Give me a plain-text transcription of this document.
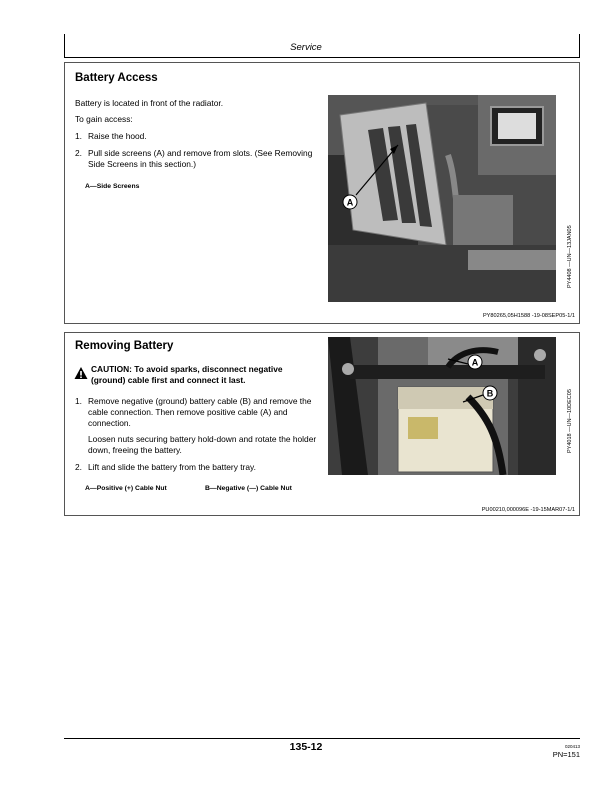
Service
Battery Access
Battery is located in front of the radiator.
To gain access:
1. Raise the hood.
2. Pull side screens (A) and remove from slots. (See Removing Side Screens in this section.)
A—Side Screens
A
PY4408 —UN—13JAN05
PY80265,05H1588 -19-08SEP05-1/1
Removing Battery
CAUTION: To avoid sparks, disconnect negative (ground) cable first and connect it last.
1. Remove negative (ground) battery cable (B) and remove the cable connection. Then remove positive cable (A) and connection.
Loosen nuts securing battery hold-down and rotate the holder down, freeing the battery.
2. Lift and slide the battery from the battery tray.
A—Positive (+) Cable Nut	B—Negative (—) Cable Nut
A
B	PY4018 —UN—10DEC05
PU00210,000096E -19-15MAR07-1/1
135-12	020413
PN=151
